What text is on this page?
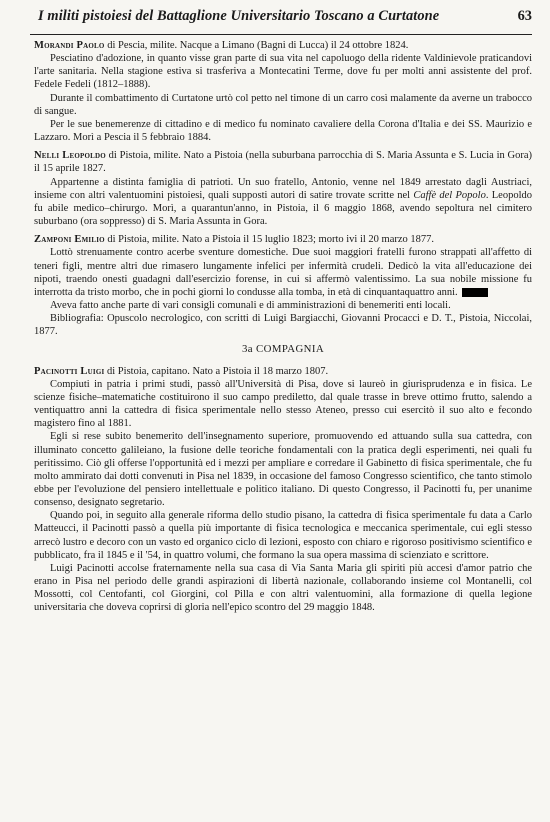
I militi pistoiesi del Battaglione Universitario Toscano a Curtatone	63

Morandi Paolo di Pescia, milite. Nacque a Limano (Bagni di Lucca) il 24 ottobre 1824.

Pesciatino d'adozione, in quanto visse gran parte di sua vita nel capoluogo della ridente Valdinievole praticandovi l'arte sanitaria. Nella stagione estiva si trasferiva a Montecatini Terme, dove fu per molti anni assistente del prof. Fedele Fedeli (1812–1888).

Durante il combattimento di Curtatone urtò col petto nel timone di un carro così malamente da averne un trabocco di sangue.

Per le sue benemerenze di cittadino e di medico fu nominato cavaliere della Corona d'Italia e dei SS. Maurizio e Lazzaro. Morì a Pescia il 5 febbraio 1884.

Nelli Leopoldo di Pistoia, milite. Nato a Pistoia (nella suburbana parrocchia di S. Maria Assunta e S. Lucia in Gora) il 15 aprile 1827.

Appartenne a distinta famiglia di patrioti. Un suo fratello, Antonio, venne nel 1849 arrestato dagli Austriaci, insieme con altri valentuomini pistoiesi, quali supposti autori di satire trovate scritte nel Caffè del Popolo. Leopoldo fu abile medico–chirurgo. Morì, a quarantun'anno, in Pistoia, il 6 maggio 1868, avendo sepoltura nel cimitero suburbano (ora soppresso) di S. Maria Assunta in Gora.

Zamponi Emilio di Pistoia, milite. Nato a Pistoia il 15 luglio 1823; morto ivi il 20 marzo 1877.

Lottò strenuamente contro acerbe sventure domestiche. Due suoi maggiori fratelli furono strappati all'affetto di teneri figli, mentre altri due rimasero lungamente infelici per infermità crudeli. Dedicò la vita all'educazione dei nipoti, traendo onesti guadagni dall'esercizio forense, in cui si affermò valentissimo. La sua nobile missione fu interrotta da tristo morbo, che in pochi giorni lo condusse alla tomba, in età di cinquantaquattro anni.

Aveva fatto anche parte di vari consigli comunali e di amministrazioni di benemeriti enti locali.

Bibliografia: Opuscolo necrologico, con scritti di Luigi Bargiacchi, Giovanni Procacci e D. T., Pistoia, Niccolai, 1877.

3a COMPAGNIA

Pacinotti Luigi di Pistoia, capitano. Nato a Pistoia il 18 marzo 1807.

Compiuti in patria i primi studi, passò all'Università di Pisa, dove si laureò in giurisprudenza e in fisica. Le scienze fisiche–matematiche costituirono il suo campo prediletto, dal quale trasse in breve ottimo frutto, salendo a ventiquattro anni la cattedra di fisica sperimentale nello stesso Ateneo, presso cui esercitò il suo alto e fecondo magistero fino al 1881.

Egli si rese subito benemerito dell'insegnamento superiore, promuovendo ed attuando sulla sua cattedra, con illuminato concetto galileiano, la fusione delle teoriche fondamentali con la pratica degli esperimenti, nei quali fu peritissimo. Ciò gli offerse l'opportunità ed i mezzi per ampliare e corredare il Gabinetto di fisica sperimentale, che fu molto ammirato dai dotti convenuti in Pisa nel 1839, in occasione del famoso Congresso scientifico, che tanto stimolo ebbe per l'evoluzione del pensiero intellettuale e politico italiano. Di questo Congresso, il Pacinotti fu, per unanime consenso, designato segretario.

Quando poi, in seguito alla generale riforma dello studio pisano, la cattedra di fisica sperimentale fu data a Carlo Matteucci, il Pacinotti passò a quella più importante di fisica tecnologica e meccanica sperimentale, cui egli stesso arrecò lustro e decoro con un vasto ed organico ciclo di lezioni, esposto con chiaro e rigoroso positivismo scientifico e pubblicato, fra il 1845 e il '54, in quattro volumi, che formano la sua opera massima di scienziato e scrittore.

Luigi Pacinotti accolse fraternamente nella sua casa di Via Santa Maria gli spiriti più accesi d'amor patrio che erano in Pisa nel periodo delle grandi aspirazioni di libertà nazionale, collaborando insieme col Montanelli, col Mossotti, col Centofanti, col Giorgini, col Pilla e con altri valentuomini, alla formazione di quella legione universitaria che doveva coprirsi di gloria nell'epico scontro del 29 maggio 1848.
